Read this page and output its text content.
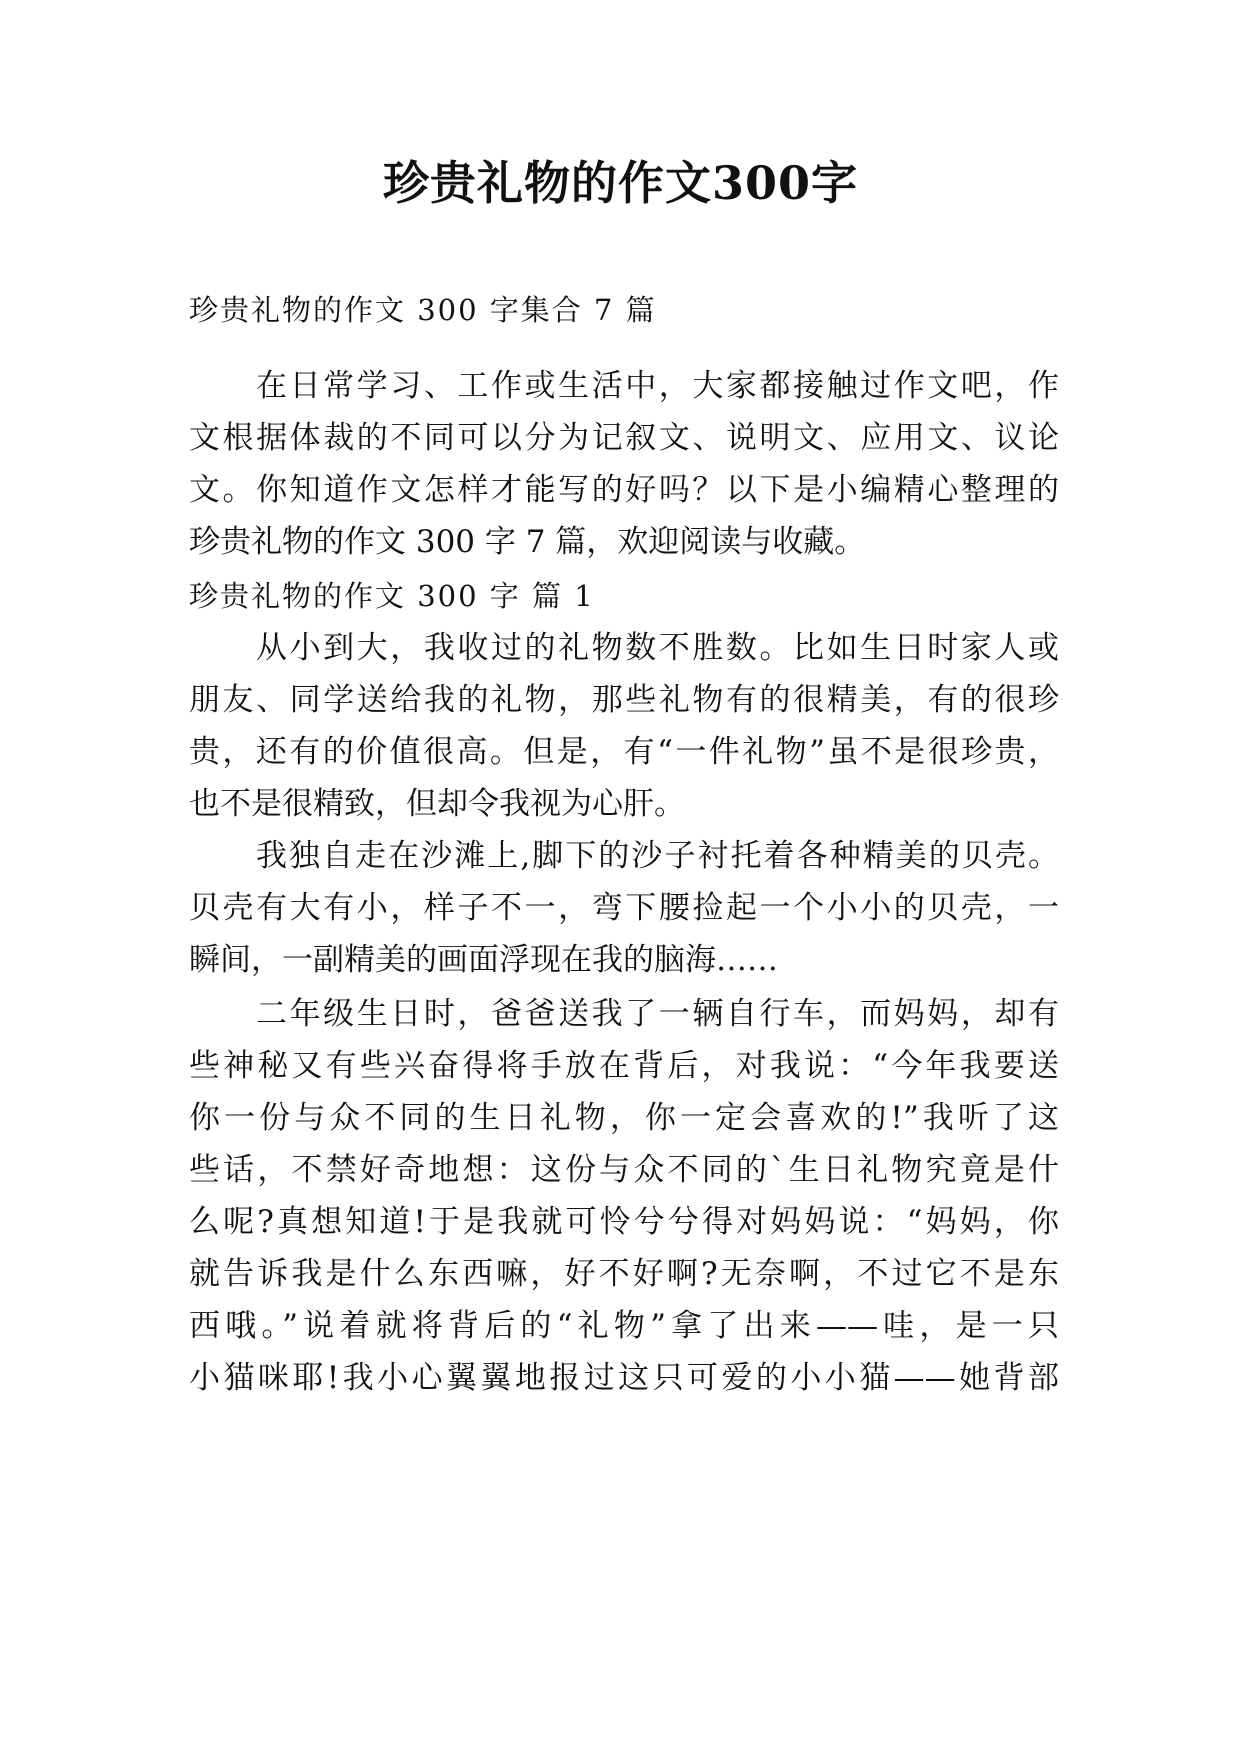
珍贵礼物的作文300字
珍贵礼物的作文 300 字集合 7 篇
在日常学习、工作或生活中，大家都接触过作文吧，作
文根据体裁的不同可以分为记叙文、说明文、应用文、议论
文。你知道作文怎样才能写的好吗？以下是小编精心整理的
珍贵礼物的作文 300 字 7 篇，欢迎阅读与收藏。
珍贵礼物的作文 300 字 篇 1
从小到大，我收过的礼物数不胜数。比如生日时家人或
朋友、同学送给我的礼物，那些礼物有的很精美，有的很珍
贵，还有的价值很高。但是，有“一件礼物”虽不是很珍贵，
也不是很精致，但却令我视为心肝。
我独自走在沙滩上,脚下的沙子衬托着各种精美的贝壳。
贝壳有大有小，样子不一，弯下腰捡起一个小小的贝壳，一
瞬间，一副精美的画面浮现在我的脑海……
二年级生日时，爸爸送我了一辆自行车，而妈妈，却有
些神秘又有些兴奋得将手放在背后，对我说：“今年我要送
你一份与众不同的生日礼物，你一定会喜欢的!”我听了这
些话，不禁好奇地想：这份与众不同的`生日礼物究竟是什
么呢?真想知道!于是我就可怜兮兮得对妈妈说：“妈妈，你
就告诉我是什么东西嘛，好不好啊?无奈啊，不过它不是东
西哦。”说着就将背后的“礼物”拿了出来——哇，是一只
小猫咪耶!我小心翼翼地报过这只可爱的小小猫——她背部
